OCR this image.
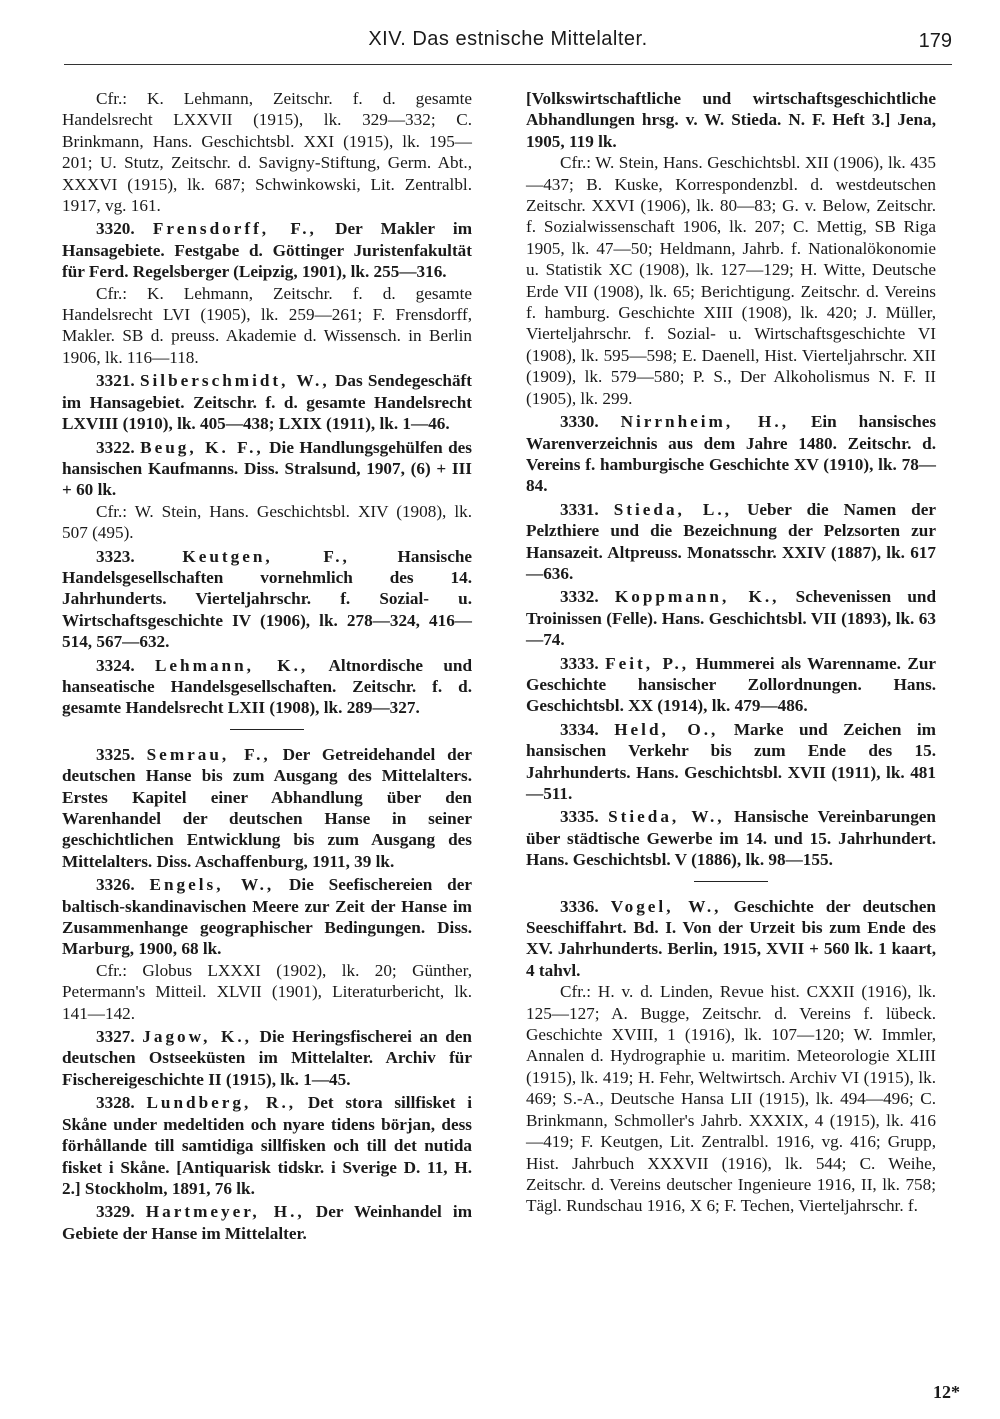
XIV. Das estnische Mittelalter.	179

Cfr.: K. Lehmann, Zeitschr. f. d. gesamte Handelsrecht LXXVII (1915), lk. 329—332; C. Brinkmann, Hans. Geschichtsbl. XXI (1915), lk. 195—201; U. Stutz, Zeitschr. d. Savigny-Stiftung, Germ. Abt., XXXVI (1915), lk. 687; Schwinkowski, Lit. Zentralbl. 1917, vg. 161.

3320. Frensdorff, F., Der Makler im Hansagebiete. Festgabe d. Göttinger Juristenfakultät für Ferd. Regelsberger (Leipzig, 1901), lk. 255—316.

Cfr.: K. Lehmann, Zeitschr. f. d. gesamte Handelsrecht LVI (1905), lk. 259—261; F. Frensdorff, Makler. SB d. preuss. Akademie d. Wissensch. in Berlin 1906, lk. 116—118.

3321. Silberschmidt, W., Das Sendegeschäft im Hansagebiet. Zeitschr. f. d. gesamte Handelsrecht LXVIII (1910), lk. 405—438; LXIX (1911), lk. 1—46.

3322. Beug, K. F., Die Handlungsgehülfen des hansischen Kaufmanns. Diss. Stralsund, 1907, (6) + III + 60 lk.

Cfr.: W. Stein, Hans. Geschichtsbl. XIV (1908), lk. 507 (495).

3323.	Keutgen, F.,	Hansische Handelsgesellschaften vornehmlich des 14. Jahrhunderts. Vierteljahrschr. f. Sozial- u. Wirtschaftsgeschichte IV (1906), lk. 278—324, 416—514, 567—632.

3324. Lehmann, K., Altnordische und hanseatische Handelsgesellschaften. Zeitschr. f. d. gesamte Handelsrecht LXII (1908), lk. 289—327.

3325. Semrau, F., Der Getreidehandel der deutschen Hanse bis zum Ausgang des Mittelalters. Erstes Kapitel einer Abhandlung über den Warenhandel der deutschen Hanse in seiner geschichtlichen Entwicklung bis zum Ausgang des Mittelalters. Diss. Aschaffenburg, 1911, 39 lk.

3326. Engels, W., Die Seefischereien der baltisch-skandinavischen Meere zur Zeit der Hanse im Zusammenhange geographischer Bedingungen. Diss. Marburg, 1900, 68 lk.

Cfr.: Globus LXXXI (1902), lk. 20; Günther, Petermann's Mitteil. XLVII (1901), Literaturbericht, lk. 141—142.

3327. Jagow, K., Die Heringsfischerei an den deutschen Ostseeküsten im Mittelalter. Archiv für Fischereigeschichte II (1915), lk. 1—45.

3328. Lundberg, R., Det stora sillfisket i Skåne under medeltiden och nyare tidens början, dess förhållande till samtidiga sillfisken och till det nutida fisket i Skåne. [Antiquarisk tidskr. i Sverige D. 11, H. 2.] Stockholm, 1891, 76 lk.

3329. Hartmeyer, H., Der Weinhandel im Gebiete der Hanse im Mittelalter.

[Volkswirtschaftliche und wirtschaftsgeschichtliche Abhandlungen hrsg. v. W. Stieda. N. F. Heft 3.] Jena, 1905, 119 lk.

Cfr.: W. Stein, Hans. Geschichtsbl. XII (1906), lk. 435—437; B. Kuske, Korrespondenzbl. d. westdeutschen Zeitschr. XXVI (1906), lk. 80—83; G. v. Below, Zeitschr. f. Sozialwissenschaft 1906, lk. 207; C. Mettig, SB Riga 1905, lk. 47—50; Heldmann, Jahrb. f. Nationalökonomie u. Statistik XC (1908), lk. 127—129; H. Witte, Deutsche Erde VII (1908), lk. 65; Berichtigung. Zeitschr. d. Vereins f. hamburg. Geschichte XIII (1908), lk. 420; J. Müller, Vierteljahrschr. f. Sozial- u. Wirtschaftsgeschichte VI (1908), lk. 595—598; E. Daenell, Hist. Vierteljahrschr. XII (1909), lk. 579—580; P. S., Der Alkoholismus N. F. II (1905), lk. 299.

3330. Nirrnheim, H., Ein hansisches Warenverzeichnis aus dem Jahre 1480. Zeitschr. d. Vereins f. hamburgische Geschichte XV (1910), lk. 78—84.

3331. Stieda, L., Ueber die Namen der Pelzthiere und die Bezeichnung der Pelzsorten zur Hansazeit. Altpreuss. Monatsschr. XXIV (1887), lk. 617—636.

3332. Koppmann, K., Schevenissen und Troinissen (Felle). Hans. Geschichtsbl. VII (1893), lk. 63—74.

3333. Feit, P., Hummerei als Warenname. Zur Geschichte hansischer Zollordnungen. Hans. Geschichtsbl. XX (1914), lk. 479—486.

3334. Held, O., Marke und Zeichen im hansischen Verkehr bis zum Ende des 15. Jahrhunderts. Hans. Geschichtsbl. XVII (1911), lk. 481—511.

3335. Stieda, W., Hansische Vereinbarungen über städtische Gewerbe im 14. und 15. Jahrhundert. Hans. Geschichtsbl. V (1886), lk. 98—155.

3336. Vogel, W., Geschichte der deutschen Seeschiffahrt. Bd. I. Von der Urzeit bis zum Ende des XV. Jahrhunderts. Berlin, 1915, XVII + 560 lk. 1 kaart, 4 tahvl.

Cfr.: H. v. d. Linden, Revue hist. CXXII (1916), lk. 125—127; A. Bugge, Zeitschr. d. Vereins f. lübeck. Geschichte XVIII, 1 (1916), lk. 107—120; W. Immler, Annalen d. Hydrographie u. maritim. Meteorologie XLIII (1915), lk. 419; H. Fehr, Weltwirtsch. Archiv VI (1915), lk. 469; S.-A., Deutsche Hansa LII (1915), lk. 494—496; C. Brinkmann, Schmoller's Jahrb. XXXIX, 4 (1915), lk. 416—419; F. Keutgen, Lit. Zentralbl. 1916, vg. 416; Grupp, Hist. Jahrbuch XXXVII (1916), lk. 544; C. Weihe, Zeitschr. d. Vereins deutscher Ingenieure 1916, II, lk. 758; Tägl. Rundschau 1916, X 6; F. Techen, Vierteljahrschr. f.

12*
